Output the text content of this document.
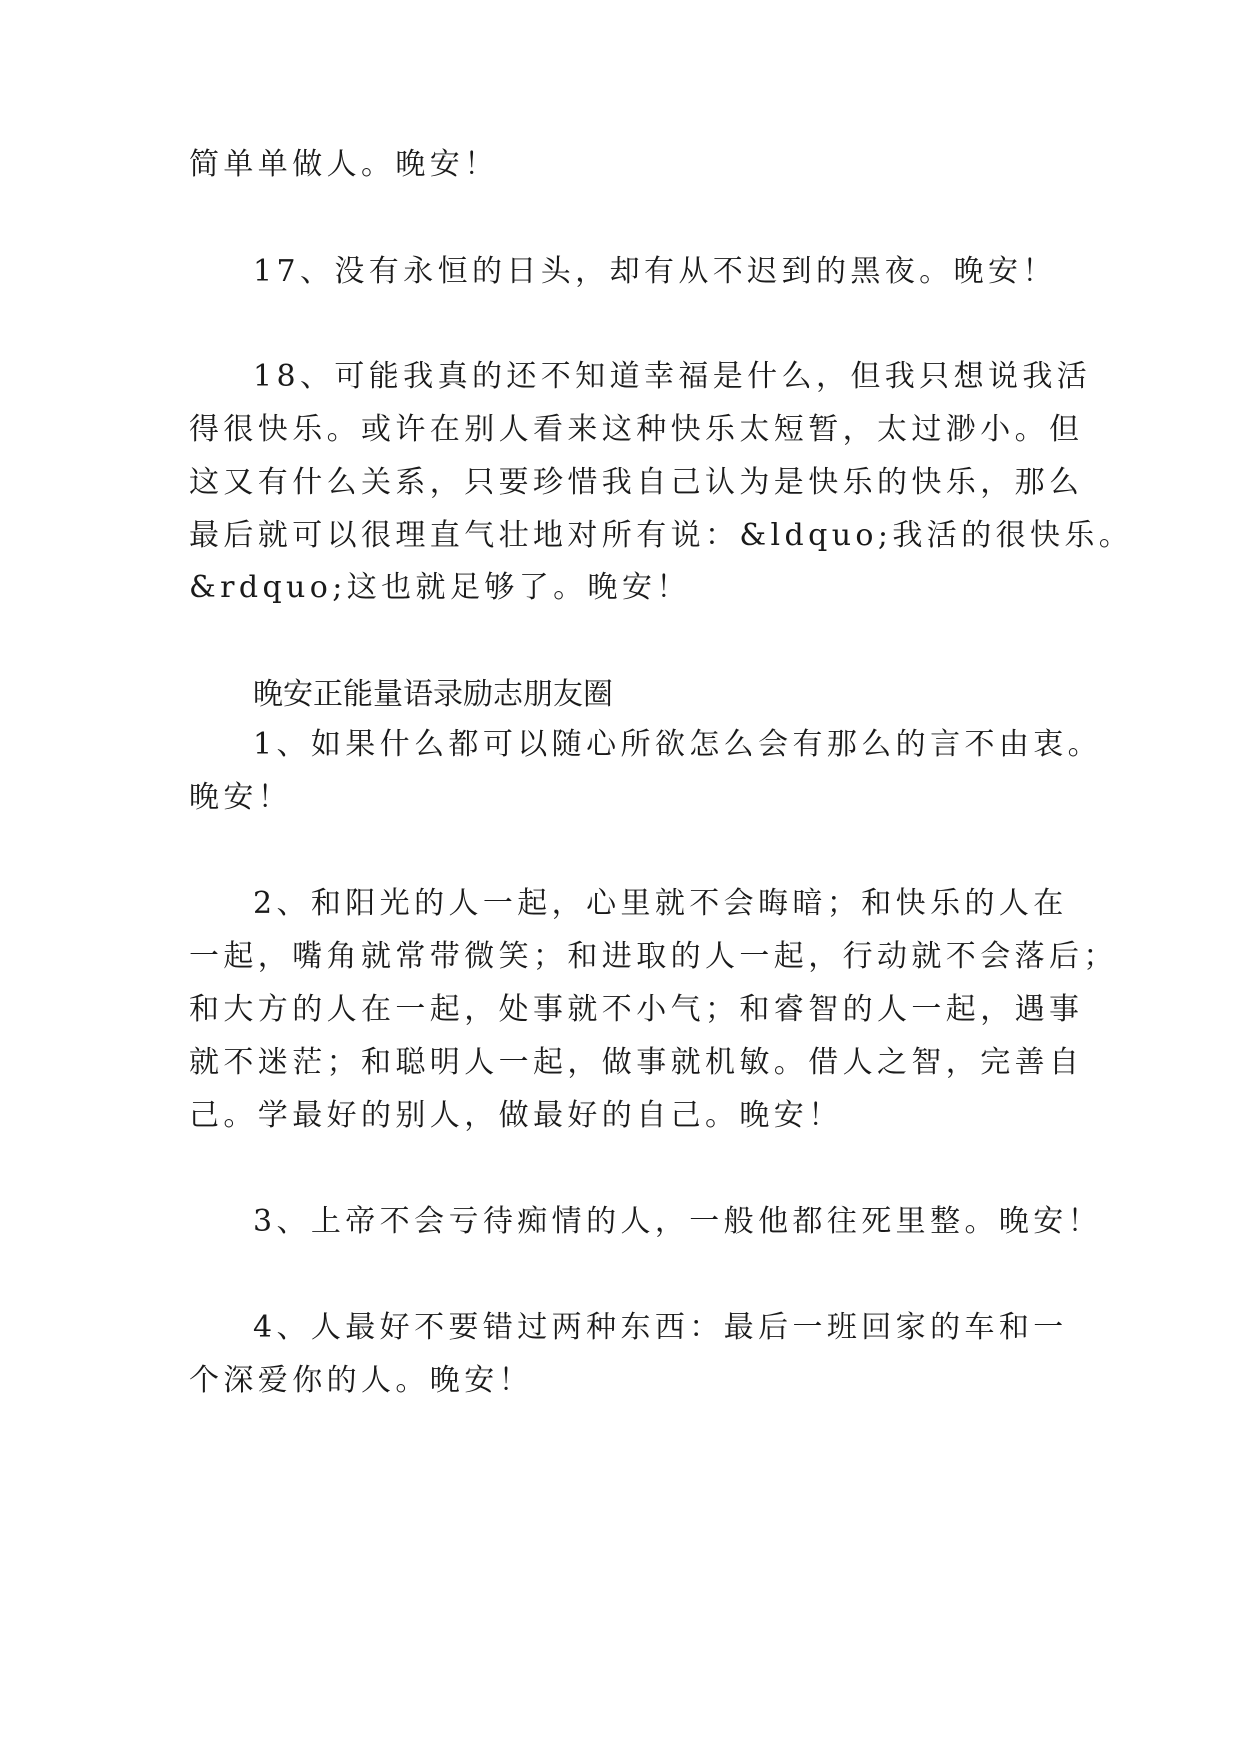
简单单做人。晚安！
17、没有永恒的日头，却有从不迟到的黑夜。晚安！
18、可能我真的还不知道幸福是什么，但我只想说我活
得很快乐。或许在别人看来这种快乐太短暂，太过渺小。但
这又有什么关系，只要珍惜我自己认为是快乐的快乐，那么
最后就可以很理直气壮地对所有说：&ldquo;我活的很快乐。
&rdquo;这也就足够了。晚安！
晚安正能量语录励志朋友圈
1、如果什么都可以随心所欲怎么会有那么的言不由衷。
晚安！
2、和阳光的人一起，心里就不会晦暗；和快乐的人在
一起，嘴角就常带微笑；和进取的人一起，行动就不会落后；
和大方的人在一起，处事就不小气；和睿智的人一起，遇事
就不迷茫；和聪明人一起，做事就机敏。借人之智，完善自
己。学最好的别人，做最好的自己。晚安！
3、上帝不会亏待痴情的人，一般他都往死里整。晚安！
4、人最好不要错过两种东西：最后一班回家的车和一
个深爱你的人。晚安！
